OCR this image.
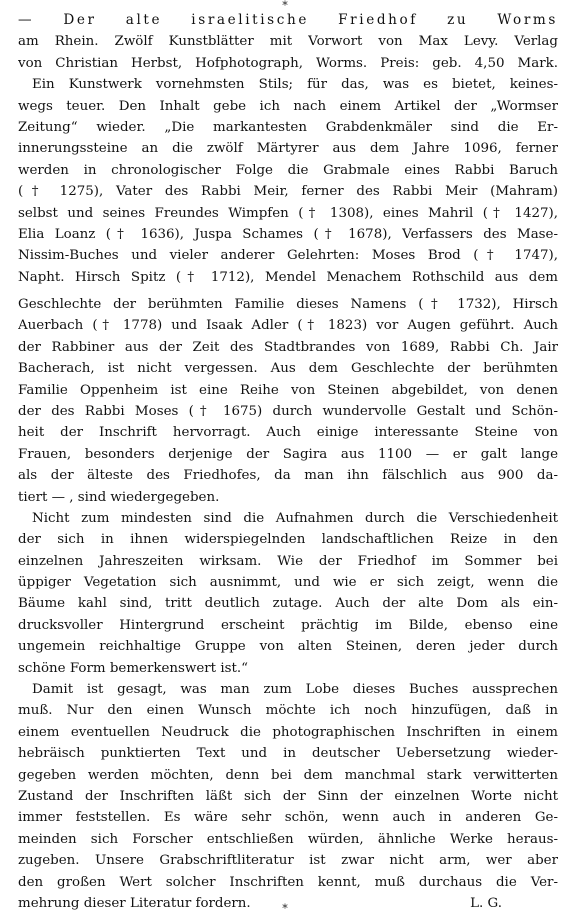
*
— Der alte israelitische Friedhof zu Worms
am Rhein. Zwölf Kunstblätter mit Vorwort von Max Levy. Verlag
von Christian Herbst, Hofphotograph, Worms. Preis: geb. 4,50 Mark.
Ein Kunstwerk vornehmsten Stils; für das, was es bietet, keines-
wegs teuer. Den Inhalt gebe ich nach einem Artikel der „Wormser
Zeitung“ wieder. „Die markantesten Grabdenkmäler sind die Er-
innerungssteine an die zwölf Märtyrer aus dem Jahre 1096, ferner
werden in chronologischer Folge die Grabmale eines Rabbi Baruch
(† 1275), Vater des Rabbi Meir, ferner des Rabbi Meir (Mahram)
selbst und seines Freundes Wimpfen († 1308), eines Mahril († 1427),
Elia Loanz († 1636), Juspa Schames († 1678), Verfassers des Mase-
Nissim-Buches und vieler anderer Gelehrten: Moses Brod († 1747),
Napht. Hirsch Spitz († 1712), Mendel Menachem Rothschild aus dem
Geschlechte der berühmten Familie dieses Namens († 1732), Hirsch
Auerbach († 1778) und Isaak Adler († 1823) vor Augen geführt. Auch
der Rabbiner aus der Zeit des Stadtbrandes von 1689, Rabbi Ch. Jair
Bacherach, ist nicht vergessen. Aus dem Geschlechte der berühmten
Familie Oppenheim ist eine Reihe von Steinen abgebildet, von denen
der des Rabbi Moses († 1675) durch wundervolle Gestalt und Schön-
heit der Inschrift hervorragt. Auch einige interessante Steine von
Frauen, besonders derjenige der Sagira aus 1100 — er galt lange
als der älteste des Friedhofes, da man ihn fälschlich aus 900 da-
tiert — , sind wiedergegeben.
Nicht zum mindesten sind die Aufnahmen durch die Verschiedenheit
der sich in ihnen widerspiegelnden landschaftlichen Reize in den
einzelnen Jahreszeiten wirksam. Wie der Friedhof im Sommer bei
üppiger Vegetation sich ausnimmt, und wie er sich zeigt, wenn die
Bäume kahl sind, tritt deutlich zutage. Auch der alte Dom als ein-
drucksvoller Hintergrund erscheint prächtig im Bilde, ebenso eine
ungemein reichhaltige Gruppe von alten Steinen, deren jeder durch
schöne Form bemerkenswert ist.“
Damit ist gesagt, was man zum Lobe dieses Buches aussprechen
muß. Nur den einen Wunsch möchte ich noch hinzufügen, daß in
einem eventuellen Neudruck die photographischen Inschriften in einem
hebräisch punktierten Text und in deutscher Uebersetzung wieder-
gegeben werden möchten, denn bei dem manchmal stark verwitterten
Zustand der Inschriften läßt sich der Sinn der einzelnen Worte nicht
immer feststellen. Es wäre sehr schön, wenn auch in anderen Ge-
meinden sich Forscher entschließen würden, ähnliche Werke heraus-
zugeben. Unsere Grabschriftliteratur ist zwar nicht arm, wer aber
den großen Wert solcher Inschriften kennt, muß durchaus die Ver-
mehrung dieser Literatur fordern.	L. G.
*
